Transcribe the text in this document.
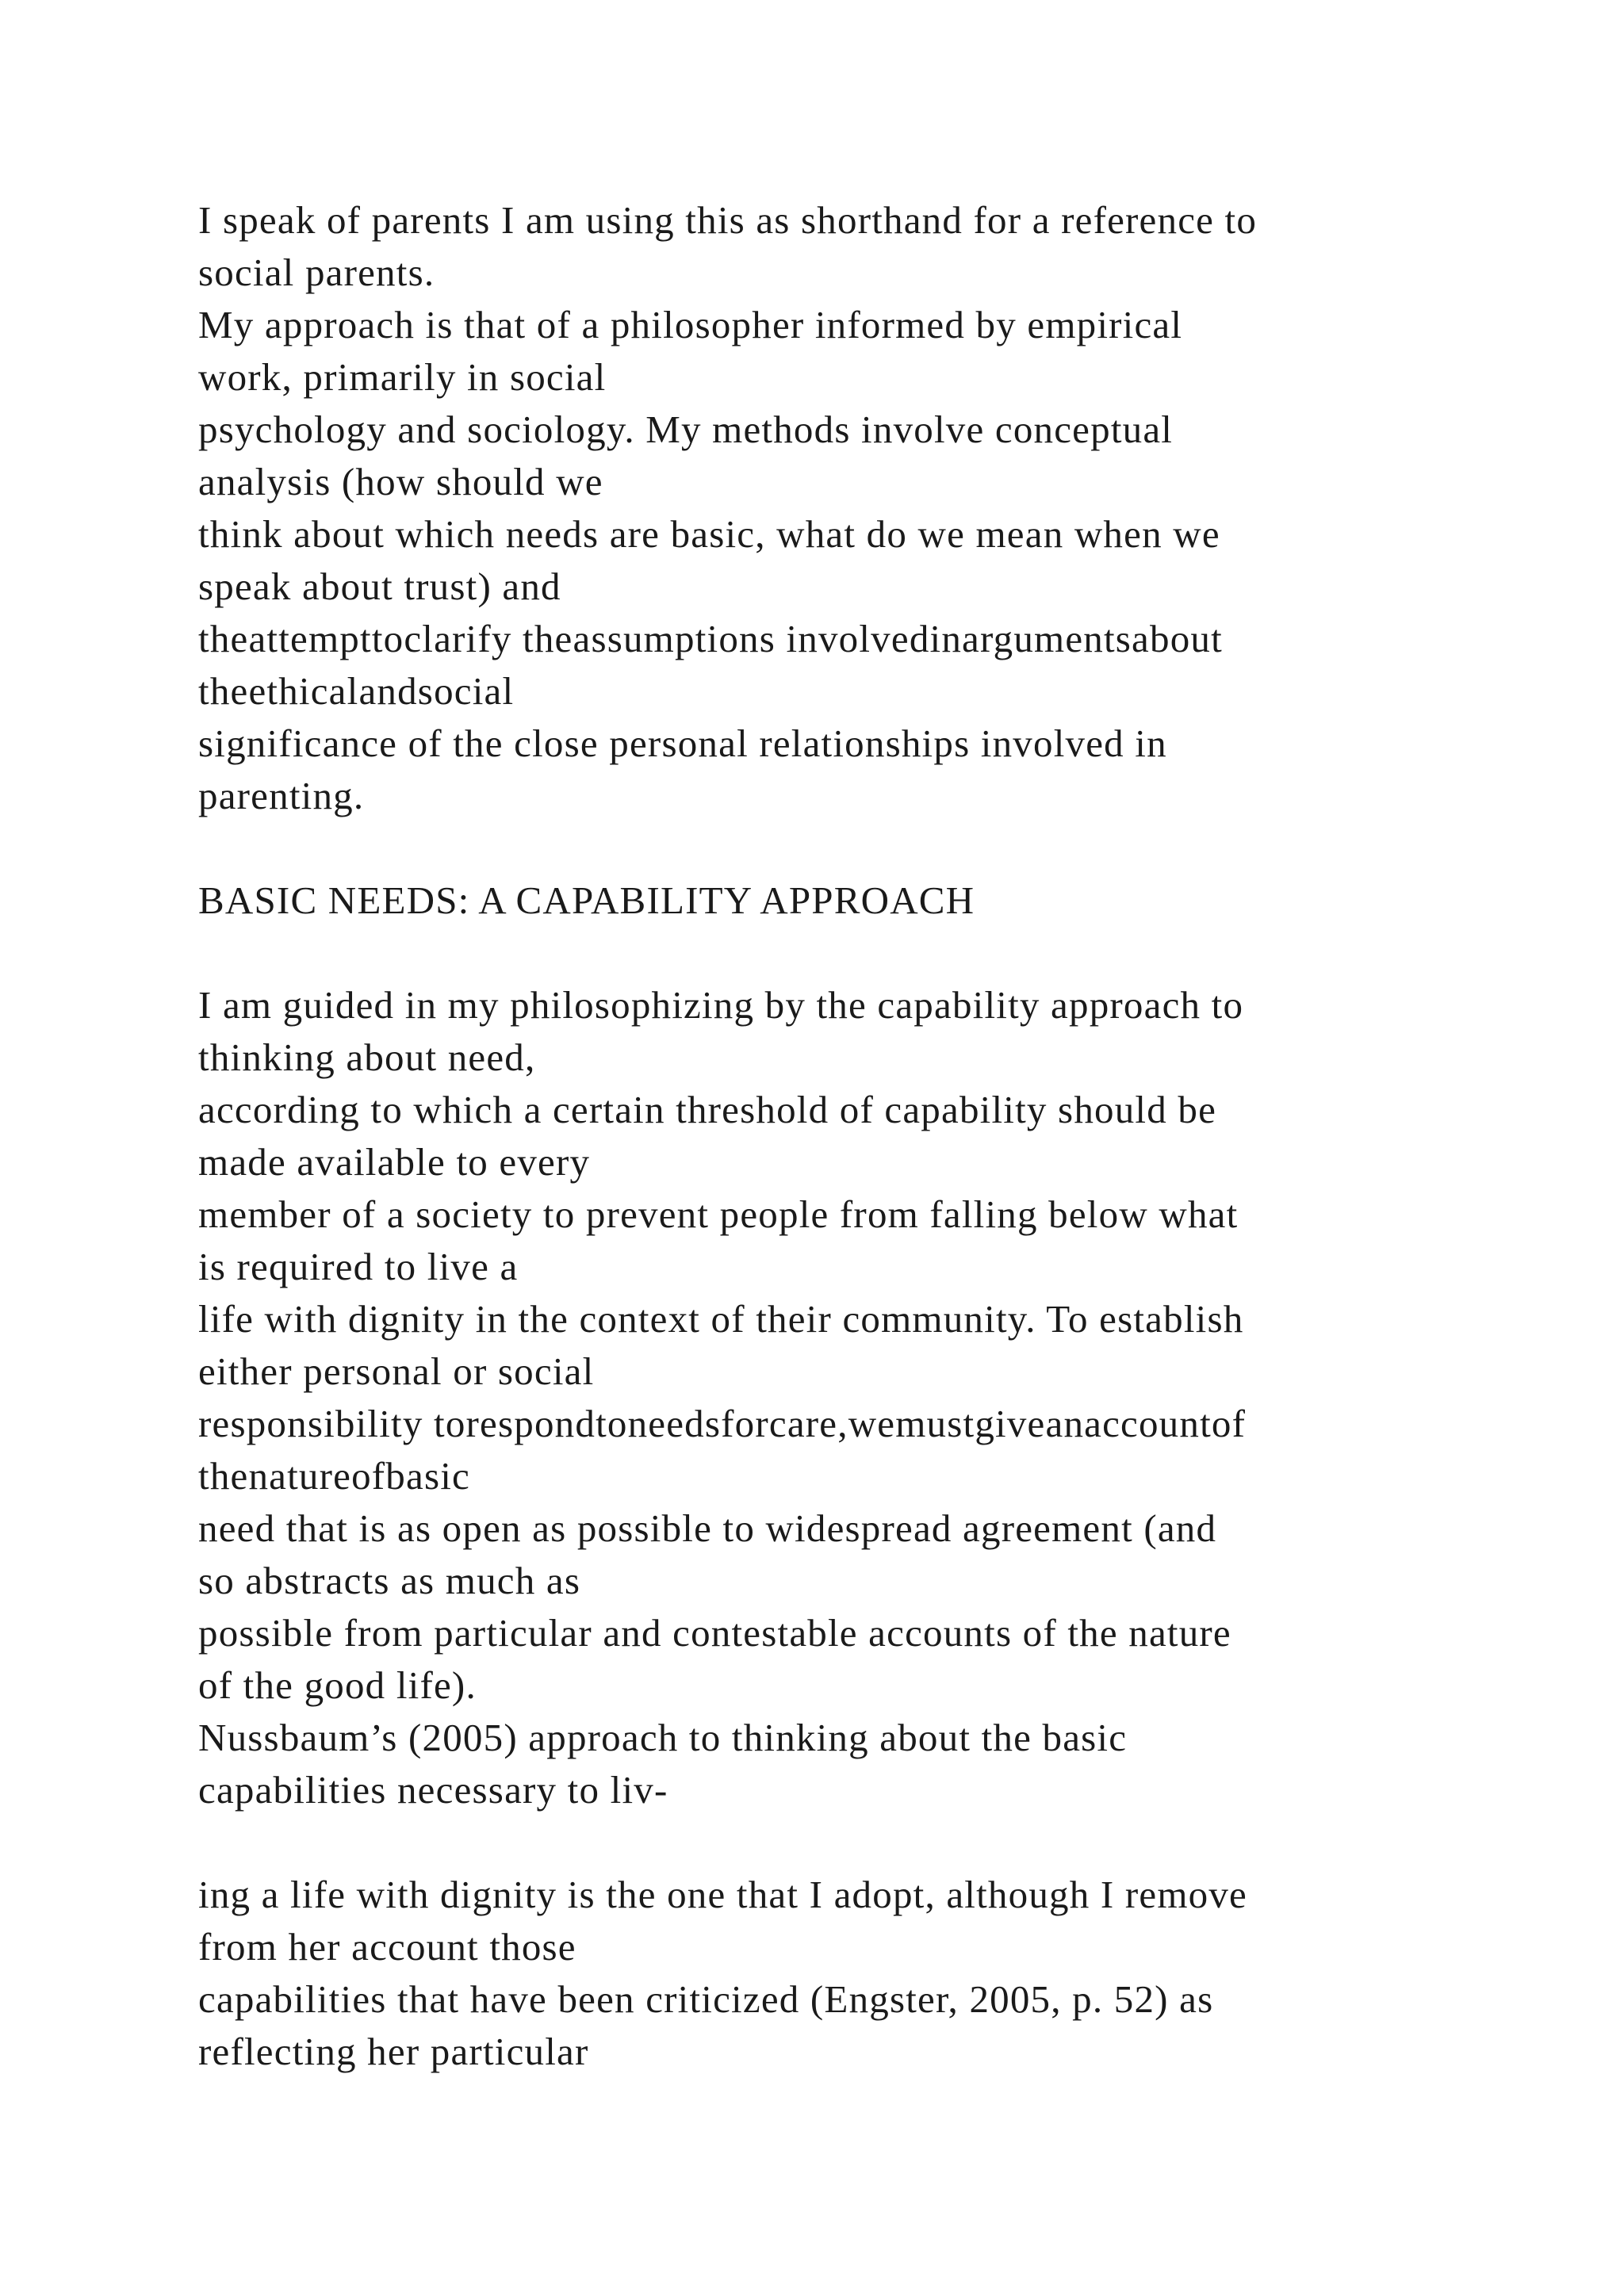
I speak of parents I am using this as shorthand for a reference to
social parents.
My approach is that of a philosopher informed by empirical
work, primarily in social
psychology and sociology. My methods involve conceptual
analysis (how should we
think about which needs are basic, what do we mean when we
speak about trust) and
theattempttoclarify theassumptions involvedinargumentsabout
theethicalandsocial
significance of the close personal relationships involved in
parenting.
BASIC NEEDS: A CAPABILITY APPROACH
I am guided in my philosophizing by the capability approach to
thinking about need,
according to which a certain threshold of capability should be
made available to every
member of a society to prevent people from falling below what
is required to live a
life with dignity in the context of their community. To establish
either personal or social
responsibility torespondtoneedsforcare,wemustgiveanaccountof
thenatureofbasic
need that is as open as possible to widespread agreement (and
so abstracts as much as
possible from particular and contestable accounts of the nature
of the good life).
Nussbaum’s (2005) approach to thinking about the basic
capabilities necessary to liv-
ing a life with dignity is the one that I adopt, although I remove
from her account those
capabilities that have been criticized (Engster, 2005, p. 52) as
reflecting her particular
